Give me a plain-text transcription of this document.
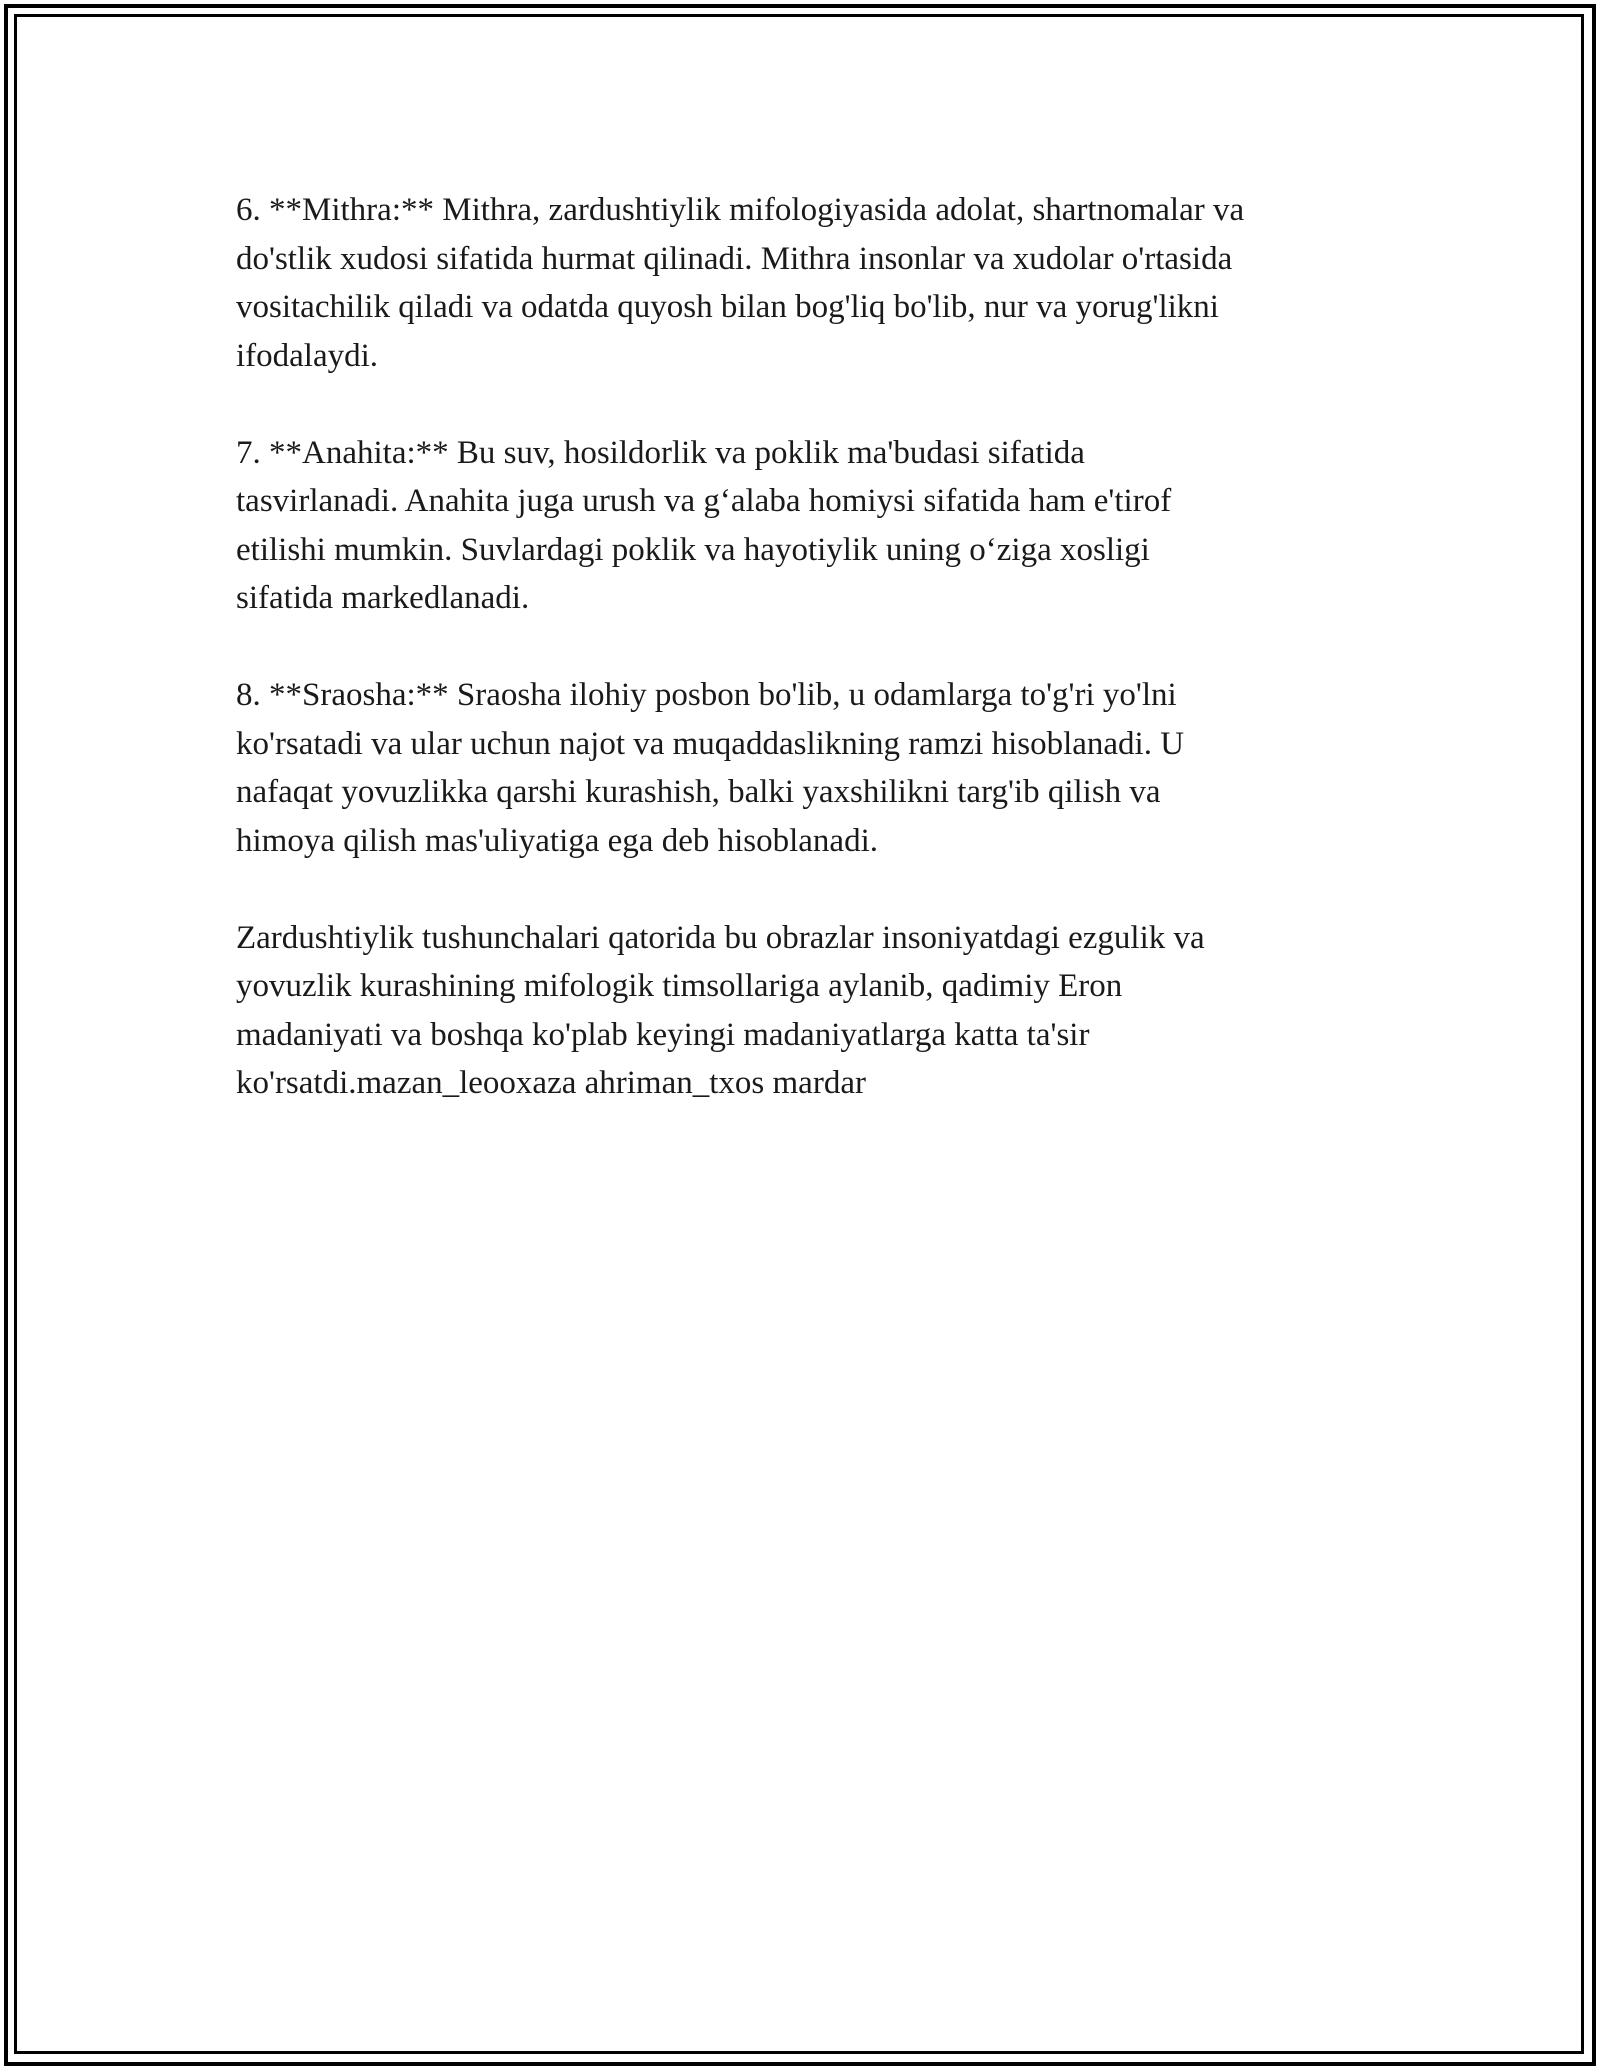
6. **Mithra:** Mithra, zardushtiylik mifologiyasida adolat, shartnomalar va
do'stlik xudosi sifatida hurmat qilinadi. Mithra insonlar va xudolar o'rtasida
vositachilik qiladi va odatda quyosh bilan bog'liq bo'lib, nur va yorug'likni
ifodalaydi.

7. **Anahita:** Bu suv, hosildorlik va poklik ma'budasi sifatida
tasvirlanadi. Anahita juga urush va g‘alaba homiysi sifatida ham e'tirof
etilishi mumkin. Suvlardagi poklik va hayotiylik uning o‘ziga xosligi
sifatida markedlanadi.

8. **Sraosha:** Sraosha ilohiy posbon bo'lib, u odamlarga to'g'ri yo'lni
ko'rsatadi va ular uchun najot va muqaddaslikning ramzi hisoblanadi. U
nafaqat yovuzlikka qarshi kurashish, balki yaxshilikni targ'ib qilish va
himoya qilish mas'uliyatiga ega deb hisoblanadi.

Zardushtiylik tushunchalari qatorida bu obrazlar insoniyatdagi ezgulik va
yovuzlik kurashining mifologik timsollariga aylanib, qadimiy Eron
madaniyati va boshqa ko'plab keyingi madaniyatlarga katta ta'sir
ko'rsatdi.mazan_leooxaza ahriman_txos mardar
